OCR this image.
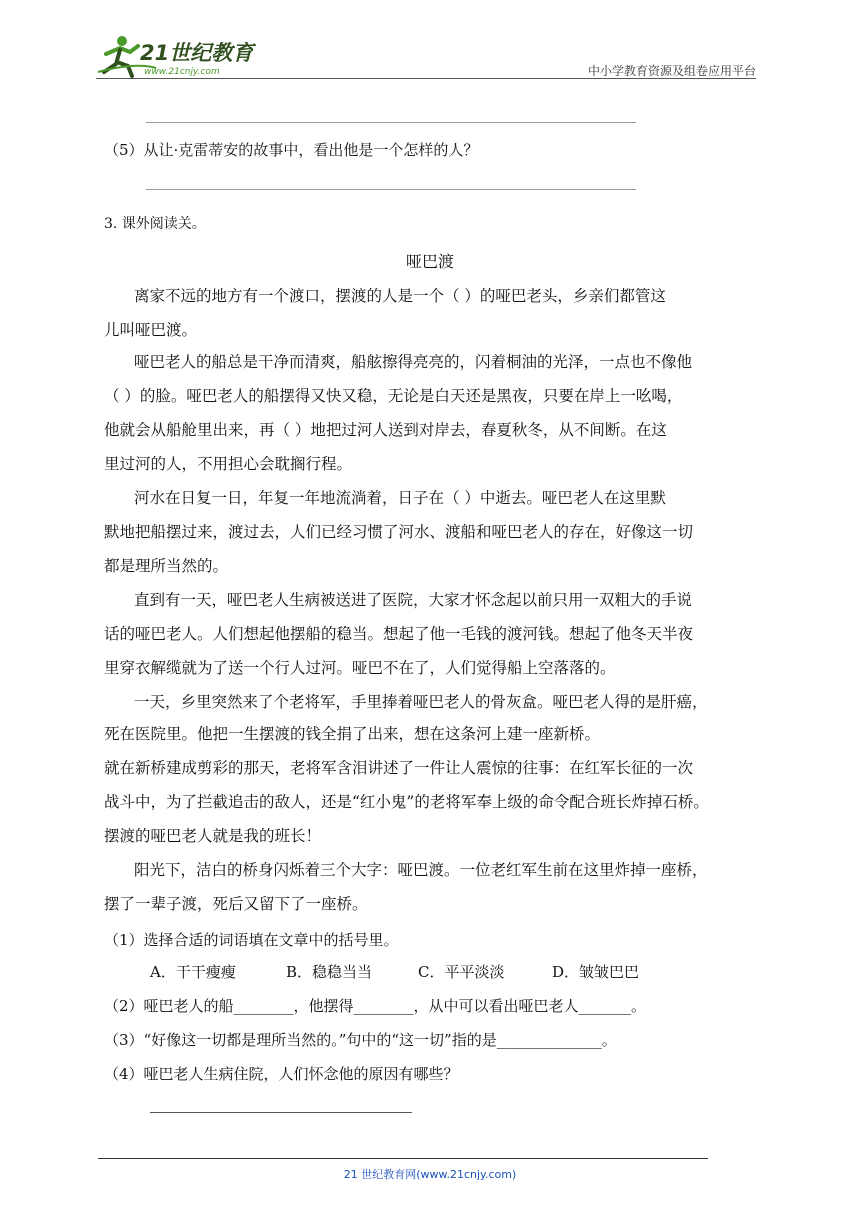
21世纪教育
www.21cnjy.com	中小学教育资源及组卷应用平台
（5）从让·克雷蒂安的故事中，看出他是一个怎样的人？
3. 课外阅读关。
哑巴渡
离家不远的地方有一个渡口，摆渡的人是一个（ ）的哑巴老头，乡亲们都管这
儿叫哑巴渡。
哑巴老人的船总是干净而清爽，船舷擦得亮亮的，闪着桐油的光泽，一点也不像他
（ ）的脸。哑巴老人的船摆得又快又稳，无论是白天还是黑夜，只要在岸上一吆喝，
他就会从船舱里出来，再（ ）地把过河人送到对岸去，春夏秋冬，从不间断。在这
里过河的人，不用担心会耽搁行程。
河水在日复一日，年复一年地流淌着，日子在（ ）中逝去。哑巴老人在这里默
默地把船摆过来，渡过去，人们已经习惯了河水、渡船和哑巴老人的存在，好像这一切
都是理所当然的。
直到有一天，哑巴老人生病被送进了医院，大家才怀念起以前只用一双粗大的手说
话的哑巴老人。人们想起他摆船的稳当。想起了他一毛钱的渡河钱。想起了他冬天半夜
里穿衣解缆就为了送一个行人过河。哑巴不在了，人们觉得船上空落落的。
一天，乡里突然来了个老将军，手里捧着哑巴老人的骨灰盒。哑巴老人得的是肝癌，
死在医院里。他把一生摆渡的钱全捐了出来，想在这条河上建一座新桥。
就在新桥建成剪彩的那天，老将军含泪讲述了一件让人震惊的往事：在红军长征的一次
战斗中，为了拦截追击的敌人，还是“红小鬼”的老将军奉上级的命令配合班长炸掉石桥。
摆渡的哑巴老人就是我的班长！
阳光下，洁白的桥身闪烁着三个大字：哑巴渡。一位老红军生前在这里炸掉一座桥，
摆了一辈子渡，死后又留下了一座桥。
（1）选择合适的词语填在文章中的括号里。
A．干干瘦瘦	B．稳稳当当	C．平平淡淡	D．皱皱巴巴
（2）哑巴老人的船________，他摆得________，从中可以看出哑巴老人_______。
（3）“好像这一切都是理所当然的。”句中的“这一切”指的是______________。
（4）哑巴老人生病住院，人们怀念他的原因有哪些？
21 世纪教育网(www.21cnjy.com)
